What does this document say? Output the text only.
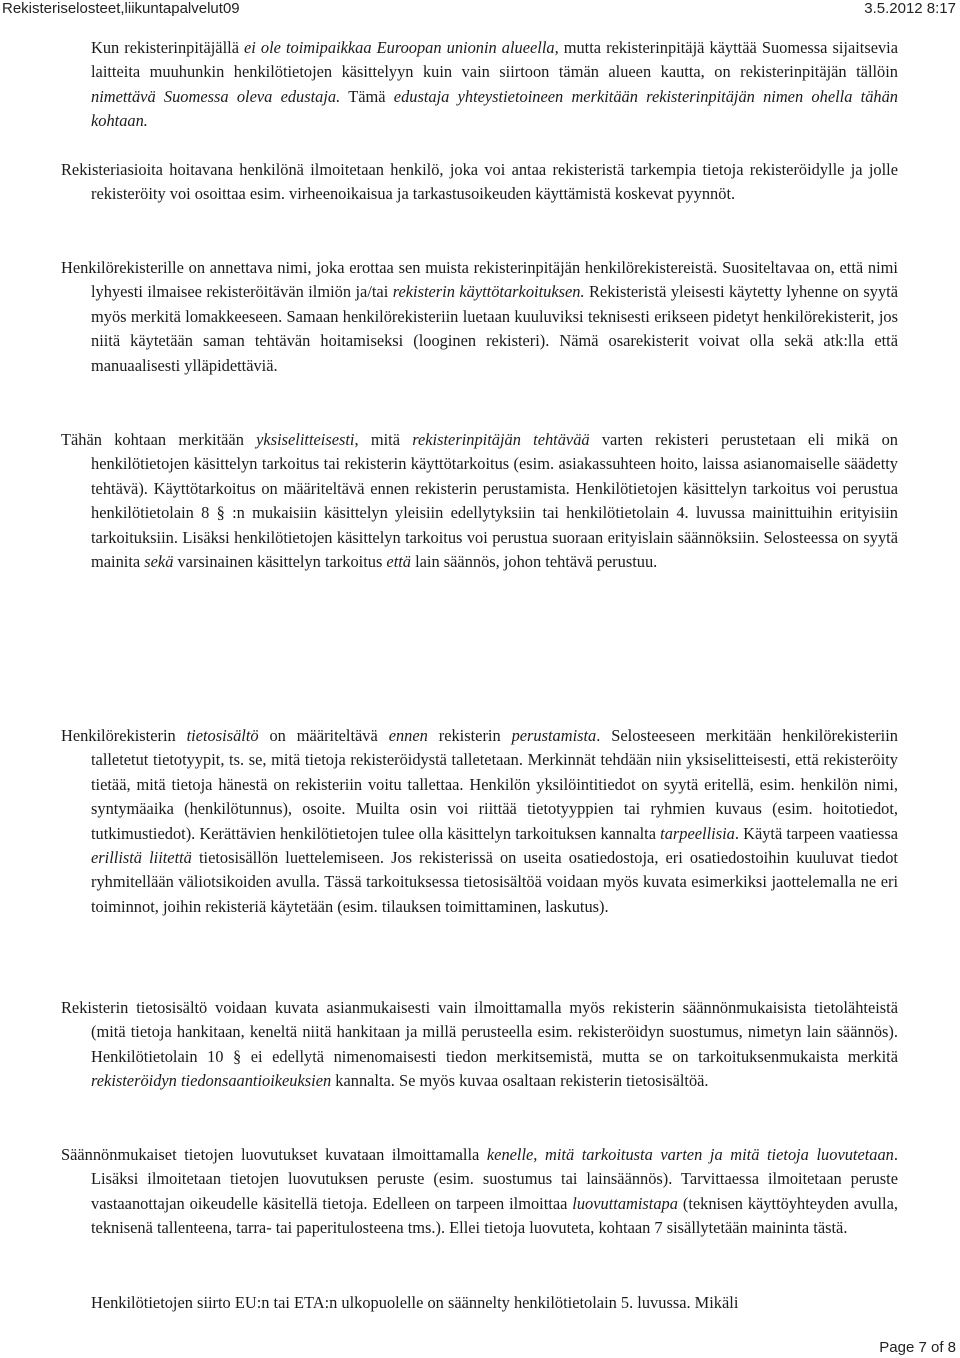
Rekisteriselosteet,liikuntapalvelut09	3.5.2012 8:17
Kun rekisterinpitäjällä ei ole toimipaikkaa Euroopan unionin alueella, mutta rekisterinpitäjä käyttää Suomessa sijaitsevia laitteita muuhunkin henkilötietojen käsittelyyn kuin vain siirtoon tämän alueen kautta, on rekisterinpitäjän tällöin nimettävä Suomessa oleva edustaja. Tämä edustaja yhteystietoineen merkitään rekisterinpitäjän nimen ohella tähän kohtaan.
Rekisteriasioita hoitavana henkilönä ilmoitetaan henkilö, joka voi antaa rekisteristä tarkempia tietoja rekisteröidylle ja jolle rekisteröity voi osoittaa esim. virheenoikaisua ja tarkastusoikeuden käyttämistä koskevat pyynnöt.
Henkilörekisterille on annettava nimi, joka erottaa sen muista rekisterinpitäjän henkilörekistereistä. Suositeltavaa on, että nimi lyhyesti ilmaisee rekisteröitävän ilmiön ja/tai rekisterin käyttötarkoituksen. Rekisteristä yleisesti käytetty lyhenne on syytä myös merkitä lomakkeeseen. Samaan henkilörekisteriin luetaan kuuluviksi teknisesti erikseen pidetyt henkilörekisterit, jos niitä käytetään saman tehtävän hoitamiseksi (looginen rekisteri). Nämä osarekisterit voivat olla sekä atk:lla että manuaalisesti ylläpidettäviä.
Tähän kohtaan merkitään yksiselitteisesti, mitä rekisterinpitäjän tehtävää varten rekisteri perustetaan eli mikä on henkilötietojen käsittelyn tarkoitus tai rekisterin käyttötarkoitus (esim. asiakassuhteen hoito, laissa asianomaiselle säädetty tehtävä). Käyttötarkoitus on määriteltävä ennen rekisterin perustamista. Henkilötietojen käsittelyn tarkoitus voi perustua henkilötietolain 8 § :n mukaisiin käsittelyn yleisiin edellytyksiin tai henkilötietolain 4. luvussa mainittuihin erityisiin tarkoituksiin. Lisäksi henkilötietojen käsittelyn tarkoitus voi perustua suoraan erityislain säännöksiin. Selosteessa on syytä mainita sekä varsinainen käsittelyn tarkoitus että lain säännös, johon tehtävä perustuu.
Henkilörekisterin tietosisältö on määriteltävä ennen rekisterin perustamista. Selosteeseen merkitään henkilörekisteriin talletetut tietotyypit, ts. se, mitä tietoja rekisteröidystä talletetaan. Merkinnät tehdään niin yksiselitteisesti, että rekisteröity tietää, mitä tietoja hänestä on rekisteriin voitu tallettaa. Henkilön yksilöintitiedot on syytä eritellä, esim. henkilön nimi, syntymäaika (henkilötunnus), osoite. Muilta osin voi riittää tietotyyppien tai ryhmien kuvaus (esim. hoitotiedot, tutkimustiedot). Kerättävien henkilötietojen tulee olla käsittelyn tarkoituksen kannalta tarpeellisia. Käytä tarpeen vaatiessa erillistä liitettä tietosisällön luettelemiseen. Jos rekisterissä on useita osatiedostoja, eri osatiedostoihin kuuluvat tiedot ryhmitellään väliotsikoiden avulla. Tässä tarkoituksessa tietosisältöä voidaan myös kuvata esimerkiksi jaottelemalla ne eri toiminnot, joihin rekisteriä käytetään (esim. tilauksen toimittaminen, laskutus).
Rekisterin tietosisältö voidaan kuvata asianmukaisesti vain ilmoittamalla myös rekisterin säännönmukaisista tietolähteistä (mitä tietoja hankitaan, keneltä niitä hankitaan ja millä perusteella esim. rekisteröidyn suostumus, nimetyn lain säännös). Henkilötietolain 10 § ei edellytä nimenomaisesti tiedon merkitsemistä, mutta se on tarkoituksenmukaista merkitä rekisteröidyn tiedonsaantioikeuksien kannalta. Se myös kuvaa osaltaan rekisterin tietosisältöä.
Säännönmukaiset tietojen luovutukset kuvataan ilmoittamalla kenelle, mitä tarkoitusta varten ja mitä tietoja luovutetaan. Lisäksi ilmoitetaan tietojen luovutuksen peruste (esim. suostumus tai lainsäännös). Tarvittaessa ilmoitetaan peruste vastaanottajan oikeudelle käsitellä tietoja. Edelleen on tarpeen ilmoittaa luovuttamistapa (teknisen käyttöyhteyden avulla, teknisenä tallenteena, tarra- tai paperitulosteena tms.). Ellei tietoja luovuteta, kohtaan 7 sisällytetään maininta tästä.
Henkilötietojen siirto EU:n tai ETA:n ulkopuolelle on säännelty henkilötietolain 5. luvussa. Mikäli
Page 7 of 8
